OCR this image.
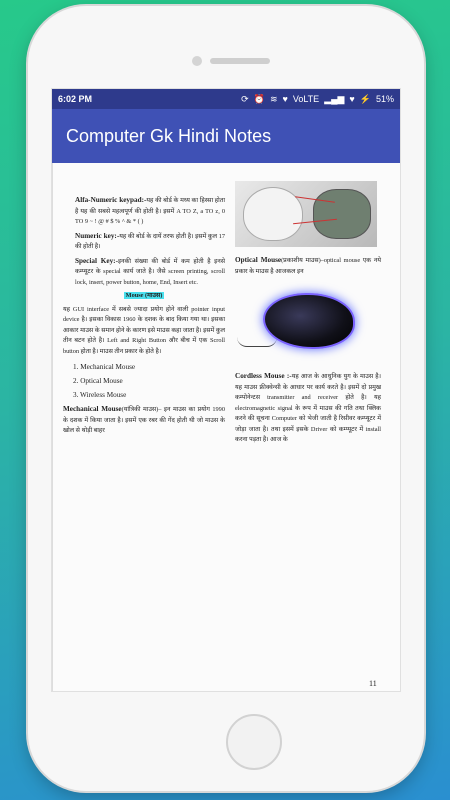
6:02 PM	⟳ ⏰ ≋ ♥ VoLTE ▂▄▆ ♥ ⚡ 51%
Computer Gk Hindi Notes

Alfa-Numeric keypad:-यह की बोर्ड के मध्य का हिस्सा होता है यह की सबसे महत्वपूर्ण की होती है। इसमें A TO Z, a TO z, 0 TO 9 ~ ! @ # $ % ^ & * ( )

Numeric key:-यह की बोर्ड के दायें तरफ होती है। इसमें कुल 17 की होती है।

Special Key:-इनकी संख्या की बोर्ड में कम होती है इनसे कम्प्यूटर के special कार्य जाते है। जैसे screen printing, scroll lock, insert, power button, home, End, Insert etc.

Mouse (माउस)

यह GUI interface में सबसे ज्यादा प्रयोग होने वाली pointer input device है। इसका विकास 1960 के दशक के बाद किया गया था। इसका आकार माउस के समान होने के कारण इसे माउस कहा जाता है। इसमें कुल तीन बटन होते है। Left and Right Button और बीच में एक Scroll button होता है। माउस तीन प्रकार के होते है।

1. Mechanical Mouse
2. Optical Mouse
3. Wireless Mouse

Mechanical Mouse(यांत्रिकी माउस)– इन माउस का प्रयोग 1990 के दशक में किया जाता है। इसमें एक रबर की गेंद होती थी जो माउस के खोल से थोड़ी बाहर

Optical Mouse(प्रकाशीय माउस)–optical mouse एक नये प्रकार के माउस है आजकल इन

Cordless Mouse :-यह आज के आधुनिक युग के माउस है। यह माउस फ्रीक्वेन्सी के आधार पर कार्य करते है। इसमें दो प्रमुख कम्पोनेन्टस transmitter and receiver होते है। यह electromagnetic signal के रूप में माउस की गति तथा क्लिक करने की सूचना Computer को भेजी जाती है रिसीवर कम्प्यूटर में जोड़ा जाता है। तथा इसमें इसके Driver को कम्प्यूटर में install करना पड़ता है। आज के

11
